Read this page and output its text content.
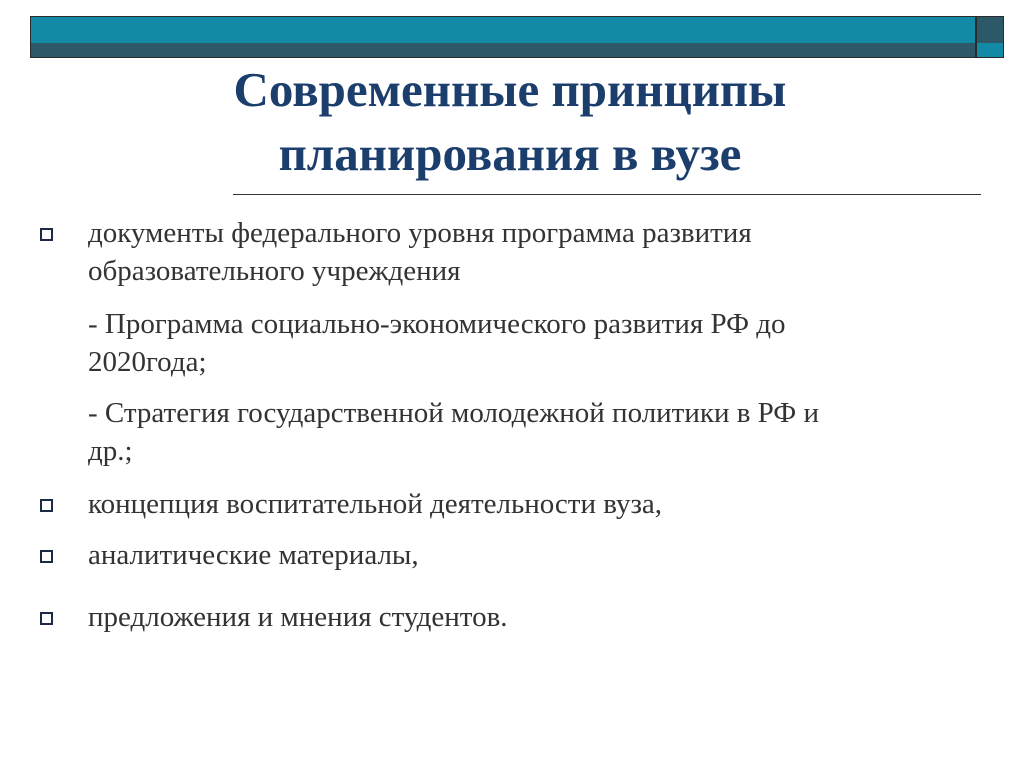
Современные принципы
планирования в вузе
документы федерального уровня программа развития
образовательного учреждения
- Программа социально-экономического развития РФ до
2020года;
- Стратегия государственной молодежной политики в РФ и
др.;
концепция воспитательной деятельности вуза,
аналитические материалы,
предложения и мнения студентов.
